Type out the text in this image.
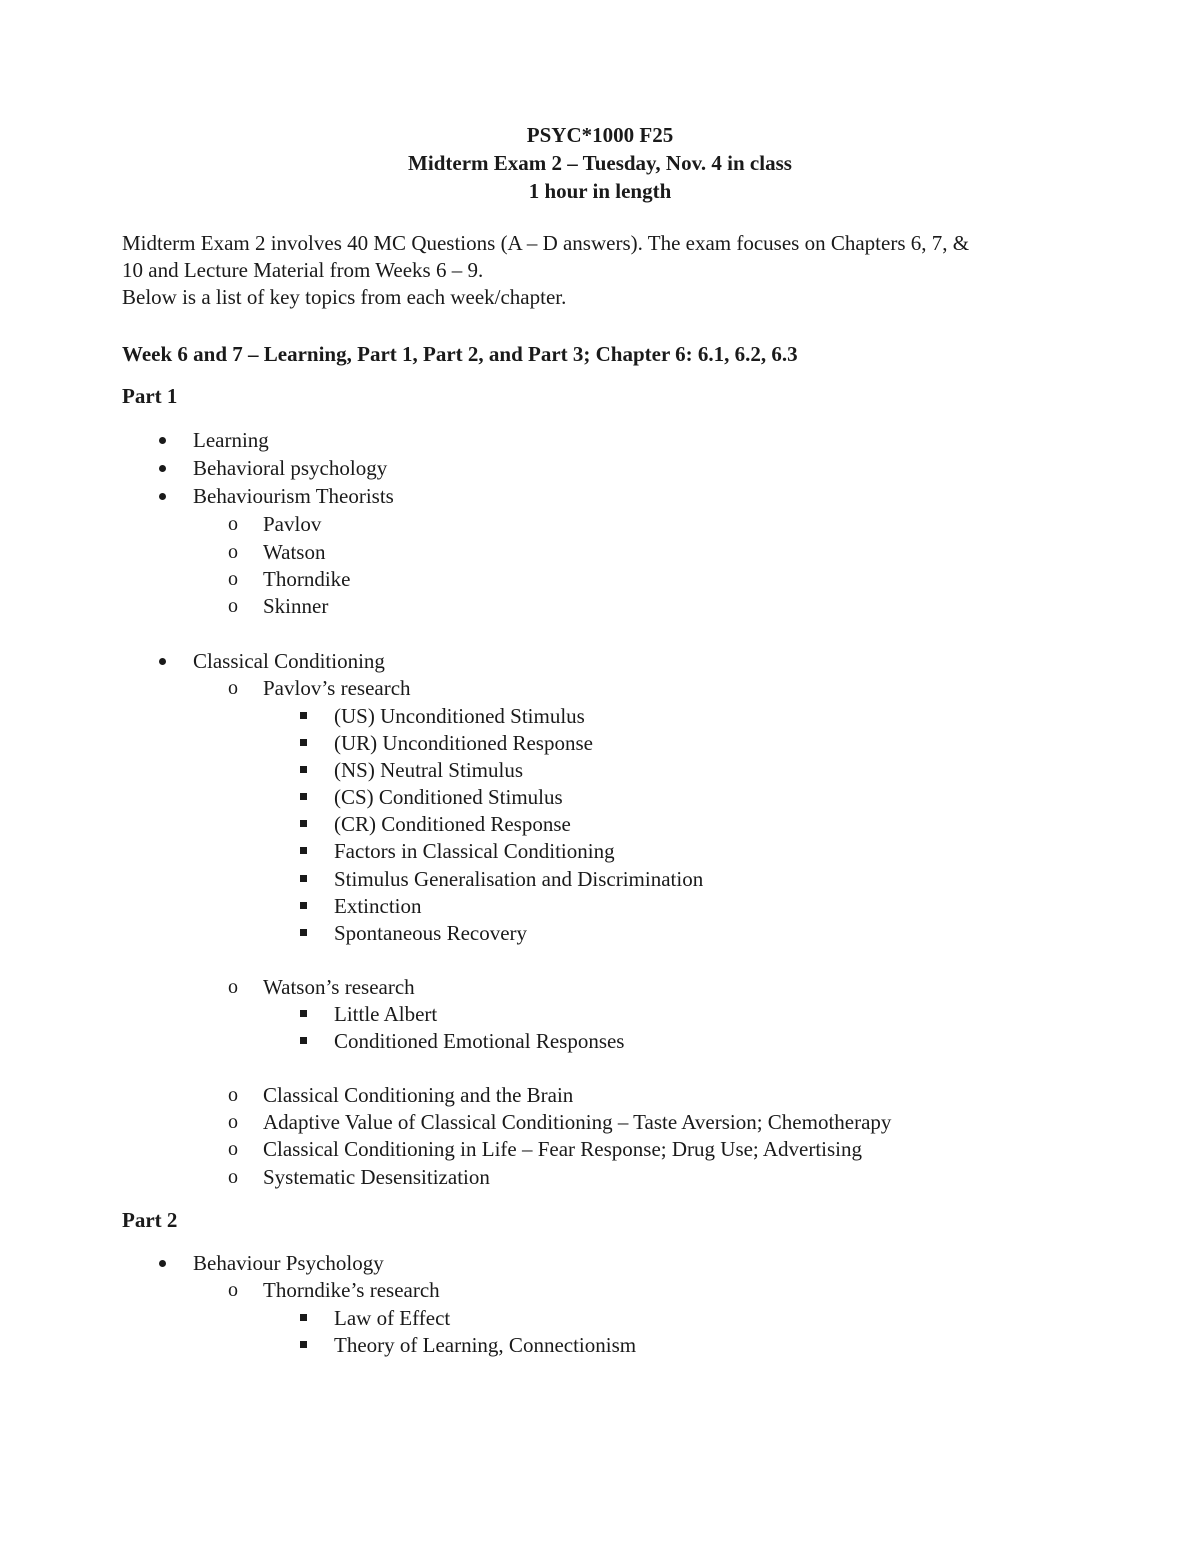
PSYC*1000 F25
Midterm Exam 2 – Tuesday, Nov. 4 in class
1 hour in length
Midterm Exam 2 involves 40 MC Questions (A – D answers). The exam focuses on Chapters 6, 7, &
10 and Lecture Material from Weeks 6 – 9.
Below is a list of key topics from each week/chapter.
Week 6 and 7 – Learning, Part 1, Part 2, and Part 3; Chapter 6: 6.1, 6.2, 6.3
Part 1
Learning
Behavioral psychology
Behaviourism Theorists
o Pavlov
o Watson
o Thorndike
o Skinner
Classical Conditioning
o Pavlov’s research
(US) Unconditioned Stimulus
(UR) Unconditioned Response
(NS) Neutral Stimulus
(CS) Conditioned Stimulus
(CR) Conditioned Response
Factors in Classical Conditioning
Stimulus Generalisation and Discrimination
Extinction
Spontaneous Recovery
o Watson’s research
Little Albert
Conditioned Emotional Responses
o Classical Conditioning and the Brain
o Adaptive Value of Classical Conditioning – Taste Aversion; Chemotherapy
o Classical Conditioning in Life – Fear Response; Drug Use; Advertising
o Systematic Desensitization
Part 2
Behaviour Psychology
o Thorndike’s research
Law of Effect
Theory of Learning, Connectionism
